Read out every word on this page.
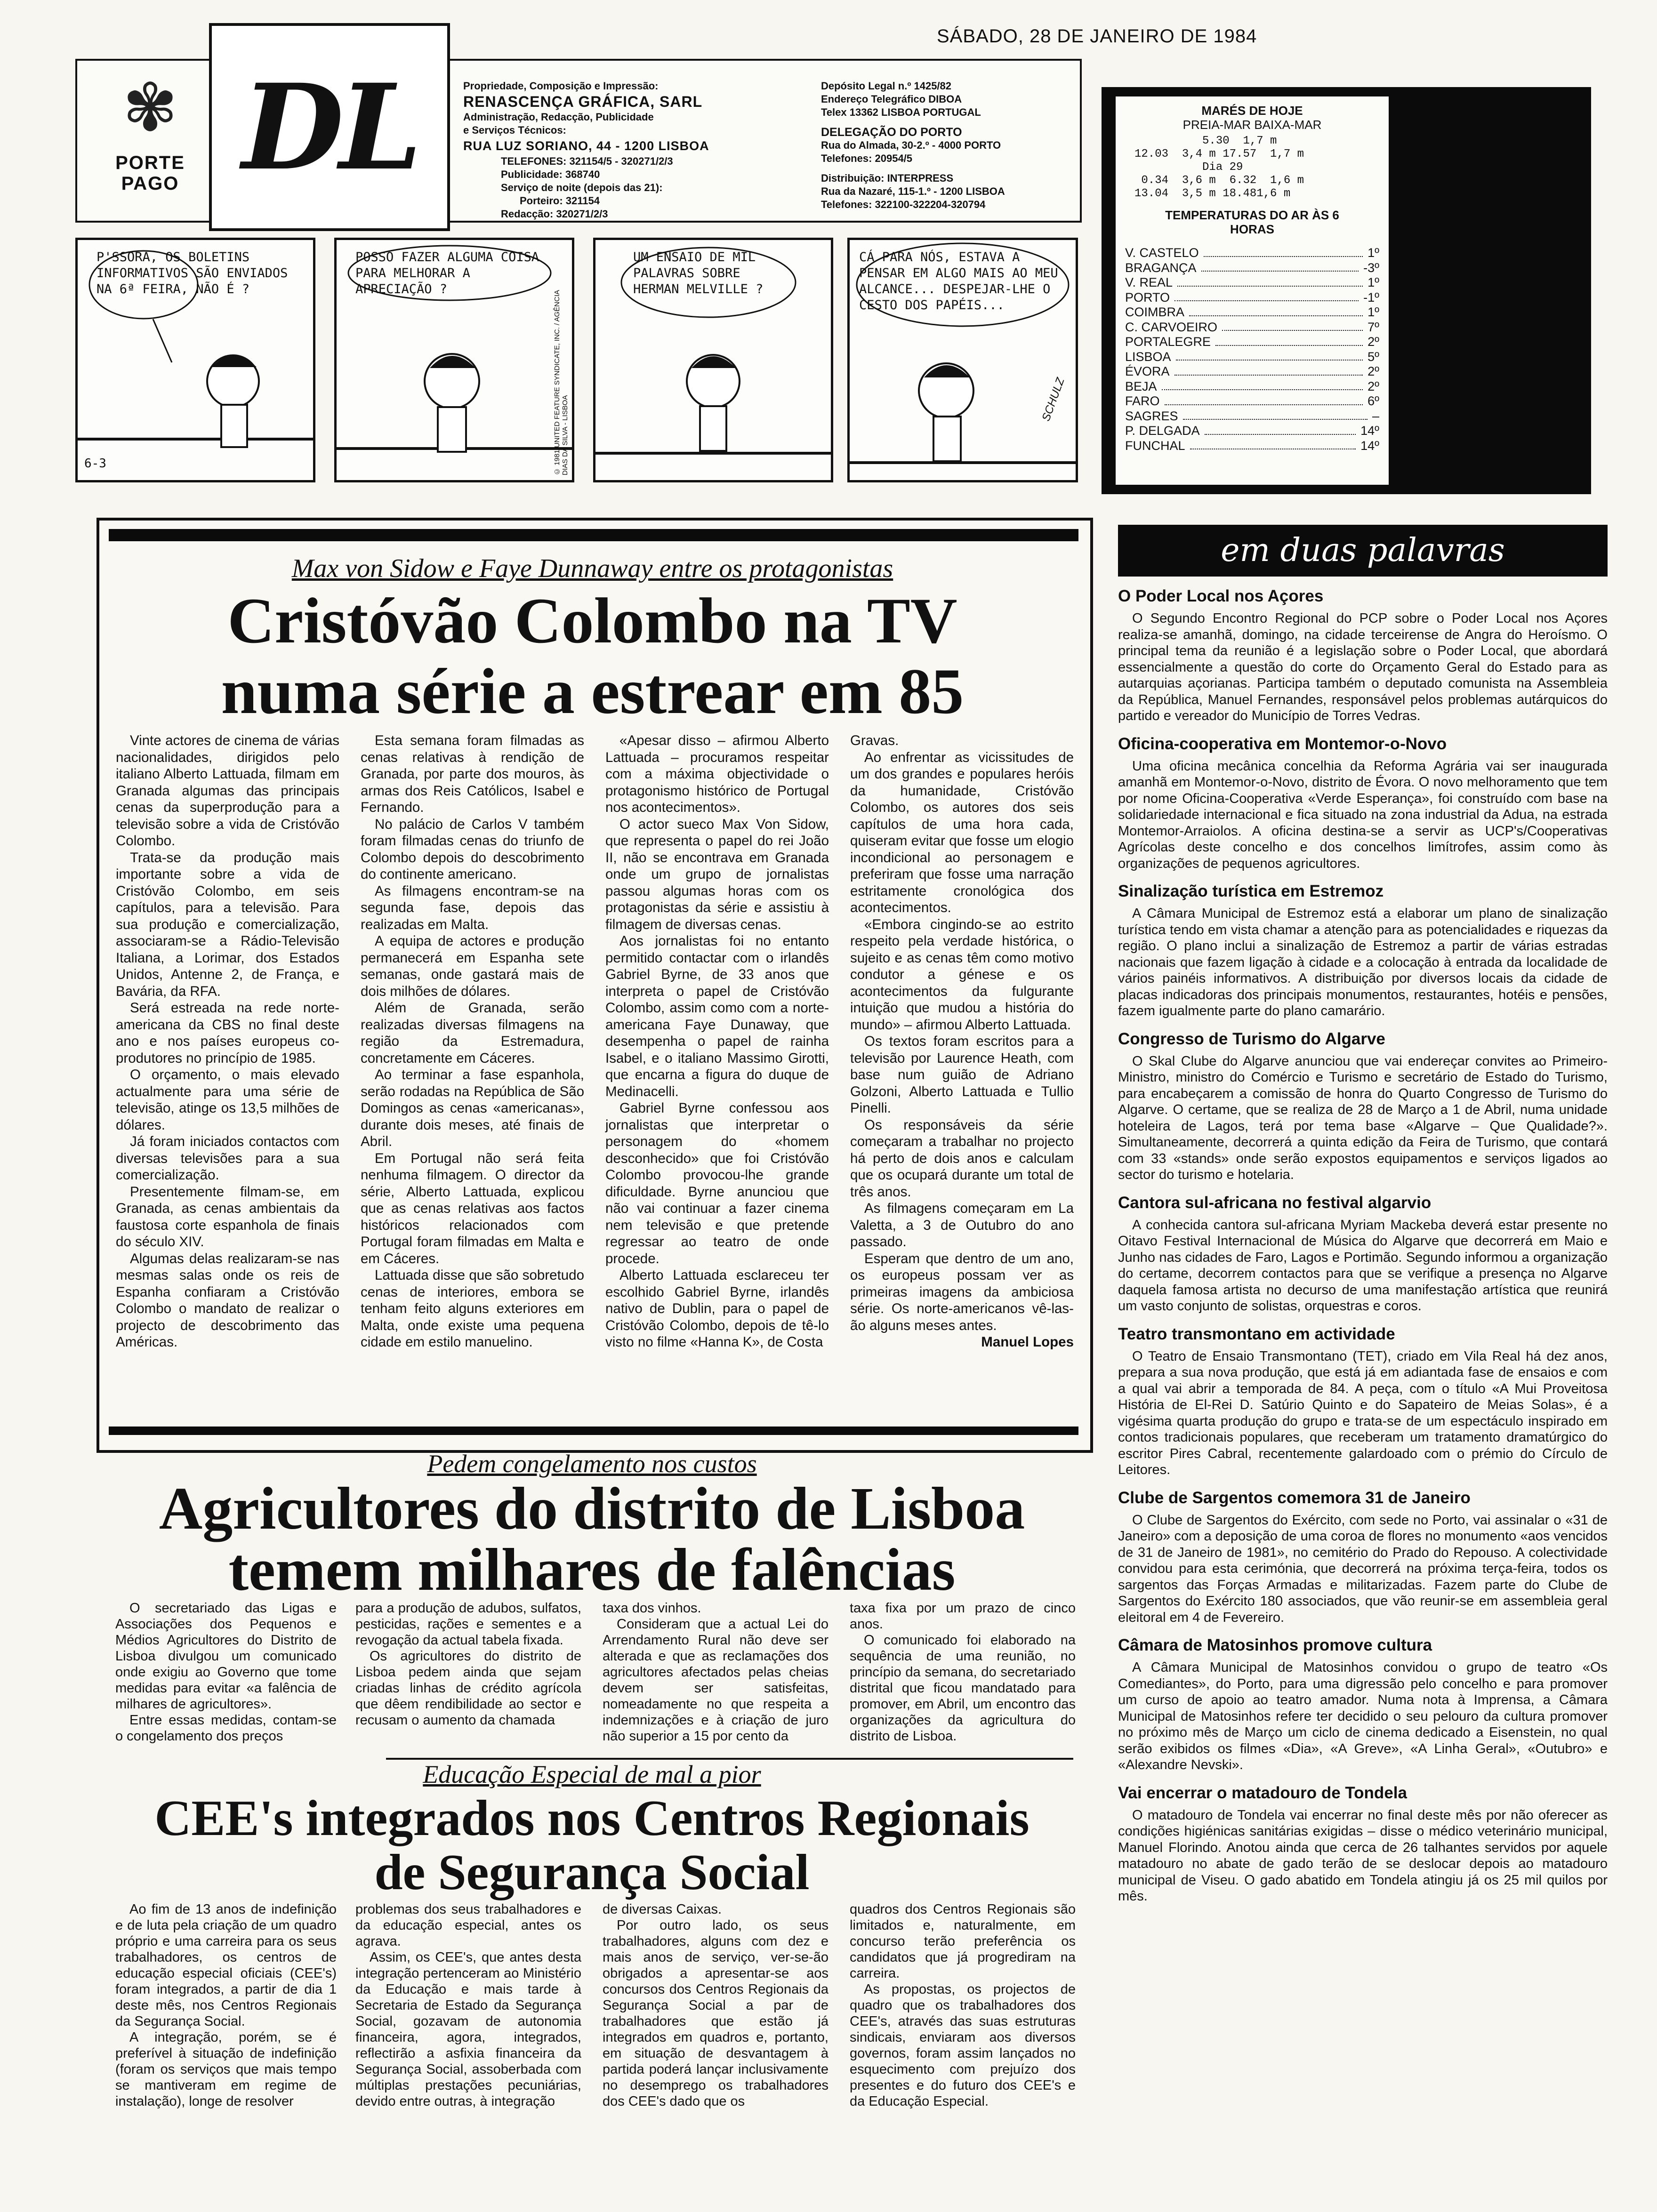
SÁBADO, 28 DE JANEIRO DE 1984
✾
PORTE PAGO DL	Propriedade, Composição e Impressão:
RENASCENÇA GRÁFICA, SARL
Administração, Redacção, Publicidade
e Serviços Técnicos:
RUA LUZ SORIANO, 44 - 1200 LISBOA
TELEFONES: 321154/5 - 320271/2/3
Publicidade: 368740
Serviço de noite (depois das 21):
Porteiro: 321154
Redacção: 320271/2/3
Depósito Legal n.º 1425/82
Endereço Telegráfico DIBOA
Telex 13362 LISBOA PORTUGAL
DELEGAÇÃO DO PORTO
Rua do Almada, 30-2.º - 4000 PORTO
Telefones: 20954/5
Distribuição: INTERPRESS
Rua da Nazaré, 115-1.º - 1200 LISBOA
Telefones: 322100-322204-320794
MARÉS DE HOJE
PREIA-MAR BAIXA-MAR
5.30  1,7 m
12.03  3,4 m 17.57  1,7 m
Dia 29
0.34  3,6 m  6.32  1,6 m
13.04  3,5 m 18.481,6 m
TEMPERATURAS DO AR ÀS 6 HORAS
V. CASTELO	1º
BRAGANÇA	-3º
V. REAL	1º
PORTO	-1º
COIMBRA	1º
C. CARVOEIRO	7º
PORTALEGRE	2º
LISBOA	5º
ÉVORA	2º
BEJA	2º
FARO	6º
SAGRES	–
P. DELGADA	14º
FUNCHAL	14º
P'SSORA, OS BOLETINS INFORMATIVOS SÃO ENVIADOS NA 6ª FEIRA, NÃO É ?
6-3
POSSO FAZER ALGUMA COISA PARA MELHORAR A APRECIAÇÃO ?
© 1981 UNITED FEATURE SYNDICATE, INC. / AGÊNCIA DIAS DA SILVA - LISBOA
UM ENSAIO DE MIL PALAVRAS SOBRE HERMAN MELVILLE ?
CÁ PARA NÓS, ESTAVA A PENSAR EM ALGO MAIS AO MEU ALCANCE... DESPEJAR-LHE O CESTO DOS PAPÉIS...
SCHULZ
Max von Sidow e Faye Dunnaway entre os protagonistas
Cristóvão Colombo na TV
numa série a estrear em 85

Vinte actores de cinema de várias nacionalidades, dirigidos pelo italiano Alberto Lattuada, filmam em Granada algumas das principais cenas da superprodução para a televisão sobre a vida de Cristóvão Colombo.

Trata-se da produção mais importante sobre a vida de Cristóvão Colombo, em seis capítulos, para a televisão. Para sua produção e comercialização, associaram-se a Rádio-Televisão Italiana, a Lorimar, dos Estados Unidos, Antenne 2, de França, e Bavária, da RFA.

Será estreada na rede norte-americana da CBS no final deste ano e nos países europeus co-produtores no princípio de 1985.

O orçamento, o mais elevado actualmente para uma série de televisão, atinge os 13,5 milhões de dólares.

Já foram iniciados contactos com diversas televisões para a sua comercialização.

Presentemente filmam-se, em Granada, as cenas ambientais da faustosa corte espanhola de finais do século XIV.

Algumas delas realizaram-se nas mesmas salas onde os reis de Espanha confiaram a Cristóvão Colombo o mandato de realizar o projecto de descobrimento das Américas.

Esta semana foram filmadas as cenas relativas à rendição de Granada, por parte dos mouros, às armas dos Reis Católicos, Isabel e Fernando.

No palácio de Carlos V também foram filmadas cenas do triunfo de Colombo depois do descobrimento do continente americano.

As filmagens encontram-se na segunda fase, depois das realizadas em Malta.

A equipa de actores e produção permanecerá em Espanha sete semanas, onde gastará mais de dois milhões de dólares.

Além de Granada, serão realizadas diversas filmagens na região da Estremadura, concretamente em Cáceres.

Ao terminar a fase espanhola, serão rodadas na República de São Domingos as cenas «americanas», durante dois meses, até finais de Abril.

Em Portugal não será feita nenhuma filmagem. O director da série, Alberto Lattuada, explicou que as cenas relativas aos factos históricos relacionados com Portugal foram filmadas em Malta e em Cáceres.

Lattuada disse que são sobretudo cenas de interiores, embora se tenham feito alguns exteriores em Malta, onde existe uma pequena cidade em estilo manuelino.

«Apesar disso – afirmou Alberto Lattuada – procuramos respeitar com a máxima objectividade o protagonismo histórico de Portugal nos acontecimentos».

O actor sueco Max Von Sidow, que representa o papel do rei João II, não se encontrava em Granada onde um grupo de jornalistas passou algumas horas com os protagonistas da série e assistiu à filmagem de diversas cenas.

Aos jornalistas foi no entanto permitido contactar com o irlandês Gabriel Byrne, de 33 anos que interpreta o papel de Cristóvão Colombo, assim como com a norte-americana Faye Dunaway, que desempenha o papel de rainha Isabel, e o italiano Massimo Girotti, que encarna a figura do duque de Medinacelli.

Gabriel Byrne confessou aos jornalistas que interpretar o personagem do «homem desconhecido» que foi Cristóvão Colombo provocou-lhe grande dificuldade. Byrne anunciou que não vai continuar a fazer cinema nem televisão e que pretende regressar ao teatro de onde procede.

Alberto Lattuada esclareceu ter escolhido Gabriel Byrne, irlandês nativo de Dublin, para o papel de Cristóvão Colombo, depois de tê-lo visto no filme «Hanna K», de Costa

Gravas.

Ao enfrentar as vicissitudes de um dos grandes e populares heróis da humanidade, Cristóvão Colombo, os autores dos seis capítulos de uma hora cada, quiseram evitar que fosse um elogio incondicional ao personagem e preferiram que fosse uma narração estritamente cronológica dos acontecimentos.

«Embora cingindo-se ao estrito respeito pela verdade histórica, o sujeito e as cenas têm como motivo condutor a génese e os acontecimentos da fulgurante intuição que mudou a história do mundo» – afirmou Alberto Lattuada.

Os textos foram escritos para a televisão por Laurence Heath, com base num guião de Adriano Golzoni, Alberto Lattuada e Tullio Pinelli.

Os responsáveis da série começaram a trabalhar no projecto há perto de dois anos e calculam que os ocupará durante um total de três anos.

As filmagens começaram em La Valetta, a 3 de Outubro do ano passado.

Esperam que dentro de um ano, os europeus possam ver as primeiras imagens da ambiciosa série. Os norte-americanos vê-las-ão alguns meses antes.

Manuel Lopes

Pedem congelamento nos custos
Agricultores do distrito de Lisboa
temem milhares de falências

O secretariado das Ligas e Associações dos Pequenos e Médios Agricultores do Distrito de Lisboa divulgou um comunicado onde exigiu ao Governo que tome medidas para evitar «a falência de milhares de agricultores».

Entre essas medidas, contam-se o congelamento dos preços

para a produção de adubos, sulfatos, pesticidas, rações e sementes e a revogação da actual tabela fixada.

Os agricultores do distrito de Lisboa pedem ainda que sejam criadas linhas de crédito agrícola que dêem rendibilidade ao sector e recusam o aumento da chamada

taxa dos vinhos.

Consideram que a actual Lei do Arrendamento Rural não deve ser alterada e que as reclamações dos agricultores afectados pelas cheias devem ser satisfeitas, nomeadamente no que respeita a indemnizações e à criação de juro não superior a 15 por cento da

taxa fixa por um prazo de cinco anos.

O comunicado foi elaborado na sequência de uma reunião, no princípio da semana, do secretariado distrital que ficou mandatado para promover, em Abril, um encontro das organizações da agricultura do distrito de Lisboa.

Educação Especial de mal a pior
CEE's integrados nos Centros Regionais
de Segurança Social

Ao fim de 13 anos de indefinição e de luta pela criação de um quadro próprio e uma carreira para os seus trabalhadores, os centros de educação especial oficiais (CEE's) foram integrados, a partir de dia 1 deste mês, nos Centros Regionais da Segurança Social.

A integração, porém, se é preferível à situação de indefinição (foram os serviços que mais tempo se mantiveram em regime de instalação), longe de resolver

problemas dos seus trabalhadores e da educação especial, antes os agrava.

Assim, os CEE's, que antes desta integração pertenceram ao Ministério da Educação e mais tarde à Secretaria de Estado da Segurança Social, gozavam de autonomia financeira, agora, integrados, reflectirão a asfixia financeira da Segurança Social, assoberbada com múltiplas prestações pecuniárias, devido entre outras, à integração

de diversas Caixas.

Por outro lado, os seus trabalhadores, alguns com dez e mais anos de serviço, ver-se-ão obrigados a apresentar-se aos concursos dos Centros Regionais da Segurança Social a par de trabalhadores que estão já integrados em quadros e, portanto, em situação de desvantagem à partida poderá lançar inclusivamente no desemprego os trabalhadores dos CEE's dado que os

quadros dos Centros Regionais são limitados e, naturalmente, em concurso terão preferência os candidatos que já progrediram na carreira.

As propostas, os projectos de quadro que os trabalhadores dos CEE's, através das suas estruturas sindicais, enviaram aos diversos governos, foram assim lançados no esquecimento com prejuízo dos presentes e do futuro dos CEE's e da Educação Especial.

em duas palavras
O Poder Local nos Açores

O Segundo Encontro Regional do PCP sobre o Poder Local nos Açores realiza-se amanhã, domingo, na cidade terceirense de Angra do Heroísmo. O principal tema da reunião é a legislação sobre o Poder Local, que abordará essencialmente a questão do corte do Orçamento Geral do Estado para as autarquias açorianas. Participa também o deputado comunista na Assembleia da República, Manuel Fernandes, responsável pelos problemas autárquicos do partido e vereador do Município de Torres Vedras.

Oficina-cooperativa em Montemor-o-Novo

Uma oficina mecânica concelhia da Reforma Agrária vai ser inaugurada amanhã em Montemor-o-Novo, distrito de Évora. O novo melhoramento que tem por nome Oficina-Cooperativa «Verde Esperança», foi construído com base na solidariedade internacional e fica situado na zona industrial da Adua, na estrada Montemor-Arraiolos. A oficina destina-se a servir as UCP's/Cooperativas Agrícolas deste concelho e dos concelhos limítrofes, assim como às organizações de pequenos agricultores.

Sinalização turística em Estremoz

A Câmara Municipal de Estremoz está a elaborar um plano de sinalização turística tendo em vista chamar a atenção para as potencialidades e riquezas da região. O plano inclui a sinalização de Estremoz a partir de várias estradas nacionais que fazem ligação à cidade e a colocação à entrada da localidade de vários painéis informativos. A distribuição por diversos locais da cidade de placas indicadoras dos principais monumentos, restaurantes, hotéis e pensões, fazem igualmente parte do plano camarário.

Congresso de Turismo do Algarve

O Skal Clube do Algarve anunciou que vai endereçar convites ao Primeiro-Ministro, ministro do Comércio e Turismo e secretário de Estado do Turismo, para encabeçarem a comissão de honra do Quarto Congresso de Turismo do Algarve. O certame, que se realiza de 28 de Março a 1 de Abril, numa unidade hoteleira de Lagos, terá por tema base «Algarve – Que Qualidade?». Simultaneamente, decorrerá a quinta edição da Feira de Turismo, que contará com 33 «stands» onde serão expostos equipamentos e serviços ligados ao sector do turismo e hotelaria.

Cantora sul-africana no festival algarvio

A conhecida cantora sul-africana Myriam Mackeba deverá estar presente no Oitavo Festival Internacional de Música do Algarve que decorrerá em Maio e Junho nas cidades de Faro, Lagos e Portimão. Segundo informou a organização do certame, decorrem contactos para que se verifique a presença no Algarve daquela famosa artista no decurso de uma manifestação artística que reunirá um vasto conjunto de solistas, orquestras e coros.

Teatro transmontano em actividade

O Teatro de Ensaio Transmontano (TET), criado em Vila Real há dez anos, prepara a sua nova produção, que está já em adiantada fase de ensaios e com a qual vai abrir a temporada de 84. A peça, com o título «A Mui Proveitosa História de El-Rei D. Satúrio Quinto e do Sapateiro de Meias Solas», é a vigésima quarta produção do grupo e trata-se de um espectáculo inspirado em contos tradicionais populares, que receberam um tratamento dramatúrgico do escritor Pires Cabral, recentemente galardoado com o prémio do Círculo de Leitores.

Clube de Sargentos comemora 31 de Janeiro

O Clube de Sargentos do Exército, com sede no Porto, vai assinalar o «31 de Janeiro» com a deposição de uma coroa de flores no monumento «aos vencidos de 31 de Janeiro de 1981», no cemitério do Prado do Repouso. A colectividade convidou para esta cerimónia, que decorrerá na próxima terça-feira, todos os sargentos das Forças Armadas e militarizadas. Fazem parte do Clube de Sargentos do Exército 180 associados, que vão reunir-se em assembleia geral eleitoral em 4 de Fevereiro.

Câmara de Matosinhos promove cultura

A Câmara Municipal de Matosinhos convidou o grupo de teatro «Os Comediantes», do Porto, para uma digressão pelo concelho e para promover um curso de apoio ao teatro amador. Numa nota à Imprensa, a Câmara Municipal de Matosinhos refere ter decidido o seu pelouro da cultura promover no próximo mês de Março um ciclo de cinema dedicado a Eisenstein, no qual serão exibidos os filmes «Dia», «A Greve», «A Linha Geral», «Outubro» e «Alexandre Nevski».

Vai encerrar o matadouro de Tondela

O matadouro de Tondela vai encerrar no final deste mês por não oferecer as condições higiénicas sanitárias exigidas – disse o médico veterinário municipal, Manuel Florindo. Anotou ainda que cerca de 26 talhantes servidos por aquele matadouro no abate de gado terão de se deslocar depois ao matadouro municipal de Viseu. O gado abatido em Tondela atingiu já os 25 mil quilos por mês.
